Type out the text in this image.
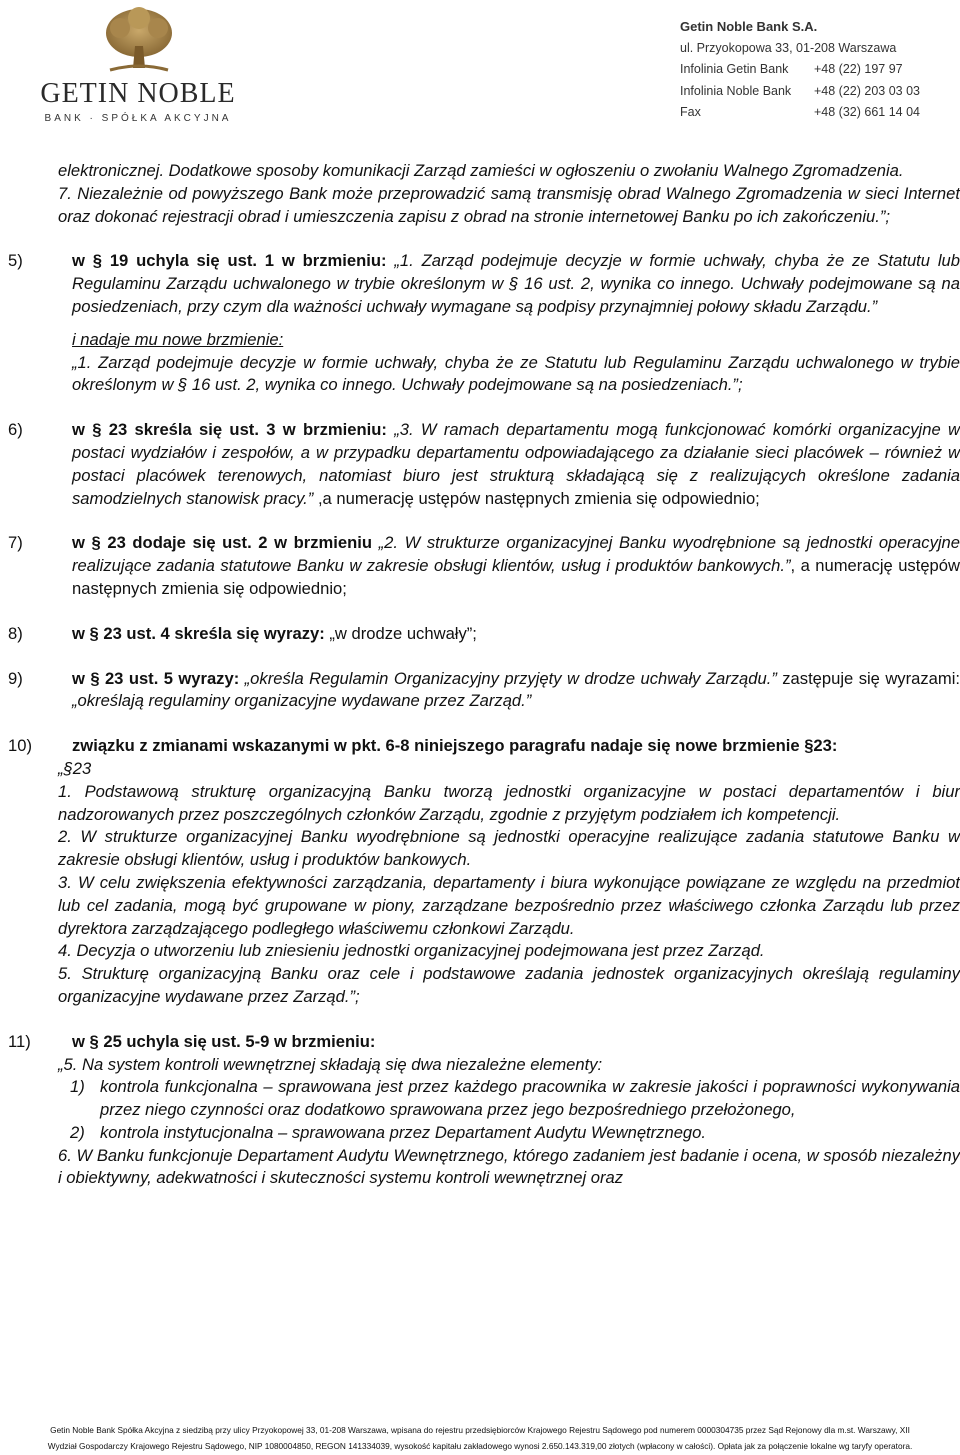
GETIN NOBLE
BANK · SPÓŁKA AKCYJNA
Getin Noble Bank S.A.
ul. Przyokopowa 33, 01-208 Warszawa
Infolinia Getin Bank	+48 (22) 197 97
Infolinia Noble Bank	+48 (22) 203 03 03
Fax	+48 (32) 661 14 04

elektronicznej. Dodatkowe sposoby komunikacji Zarząd zamieści w ogłoszeniu o zwołaniu Walnego Zgromadzenia.

7. Niezależnie od powyższego Bank może przeprowadzić samą transmisję obrad Walnego Zgromadzenia w sieci Internet oraz dokonać rejestracji obrad i umieszczenia zapisu z obrad na stronie internetowej Banku po ich zakończeniu.”;

5)	w § 19 uchyla się ust. 1 w brzmieniu: „1. Zarząd podejmuje decyzje w formie uchwały, chyba że ze Statutu lub Regulaminu Zarządu uchwalonego w trybie określonym w § 16 ust. 2, wynika co innego. Uchwały podejmowane są na posiedzeniach, przy czym dla ważności uchwały wymagane są podpisy przynajmniej połowy składu Zarządu.”

i nadaje mu nowe brzmienie:

„1. Zarząd podejmuje decyzje w formie uchwały, chyba że ze Statutu lub Regulaminu Zarządu uchwalonego w trybie określonym w § 16 ust. 2, wynika co innego. Uchwały podejmowane są na posiedzeniach.”;

6)	w § 23 skreśla się ust. 3 w brzmieniu: „3. W ramach departamentu mogą funkcjonować komórki organizacyjne w postaci wydziałów i zespołów, a w przypadku departamentu odpowiadającego za działanie sieci placówek – również w postaci placówek terenowych, natomiast biuro jest strukturą składającą się z realizujących określone zadania samodzielnych stanowisk pracy.” ,a numerację ustępów następnych zmienia się odpowiednio;

7)	w § 23 dodaje się ust. 2 w brzmieniu „2. W strukturze organizacyjnej Banku wyodrębnione są jednostki operacyjne realizujące zadania statutowe Banku w zakresie obsługi klientów, usług i produktów bankowych.”, a numerację ustępów następnych zmienia się odpowiednio;

8)	w § 23 ust. 4 skreśla się wyrazy: „w drodze uchwały”;

9)	w § 23 ust. 5 wyrazy: „określa Regulamin Organizacyjny przyjęty w drodze uchwały Zarządu.” zastępuje się wyrazami: „określają regulaminy organizacyjne wydawane przez Zarząd.”

10)	związku z zmianami wskazanymi w pkt. 6-8 niniejszego paragrafu nadaje się nowe brzmienie §23:

„§23

1. Podstawową strukturę organizacyjną Banku tworzą jednostki organizacyjne w postaci departamentów i biur nadzorowanych przez poszczególnych członków Zarządu, zgodnie z przyjętym podziałem ich kompetencji.

2. W strukturze organizacyjnej Banku wyodrębnione są jednostki operacyjne realizujące zadania statutowe Banku w zakresie obsługi klientów, usług i produktów bankowych.

3. W celu zwiększenia efektywności zarządzania, departamenty i biura wykonujące powiązane ze względu na przedmiot lub cel zadania, mogą być grupowane w piony, zarządzane bezpośrednio przez właściwego członka Zarządu lub przez dyrektora zarządzającego podległego właściwemu członkowi Zarządu.

4. Decyzja o utworzeniu lub zniesieniu jednostki organizacyjnej podejmowana jest przez Zarząd.

5. Strukturę organizacyjną Banku oraz cele i podstawowe zadania jednostek organizacyjnych określają regulaminy organizacyjne wydawane przez Zarząd.”;

11)	w § 25 uchyla się ust. 5-9 w brzmieniu:

„5. Na system kontroli wewnętrznej składają się dwa niezależne elementy:

1) kontrola funkcjonalna – sprawowana jest przez każdego pracownika w zakresie jakości i poprawności wykonywania przez niego czynności oraz dodatkowo sprawowana przez jego bezpośredniego przełożonego,

2) kontrola instytucjonalna – sprawowana przez Departament Audytu Wewnętrznego.

6. W Banku funkcjonuje Departament Audytu Wewnętrznego, którego zadaniem jest badanie i ocena, w sposób niezależny i obiektywny, adekwatności i skuteczności systemu kontroli wewnętrznej oraz

Getin Noble Bank Spółka Akcyjna z siedzibą przy ulicy Przyokopowej 33, 01-208 Warszawa, wpisana do rejestru przedsiębiorców Krajowego Rejestru Sądowego pod numerem 0000304735 przez Sąd Rejonowy dla m.st. Warszawy, XII
Wydział Gospodarczy Krajowego Rejestru Sądowego, NIP 1080004850, REGON 141334039, wysokość kapitału zakładowego wynosi 2.650.143.319,00 złotych (wpłacony w całości). Opłata jak za połączenie lokalne wg taryfy operatora.
